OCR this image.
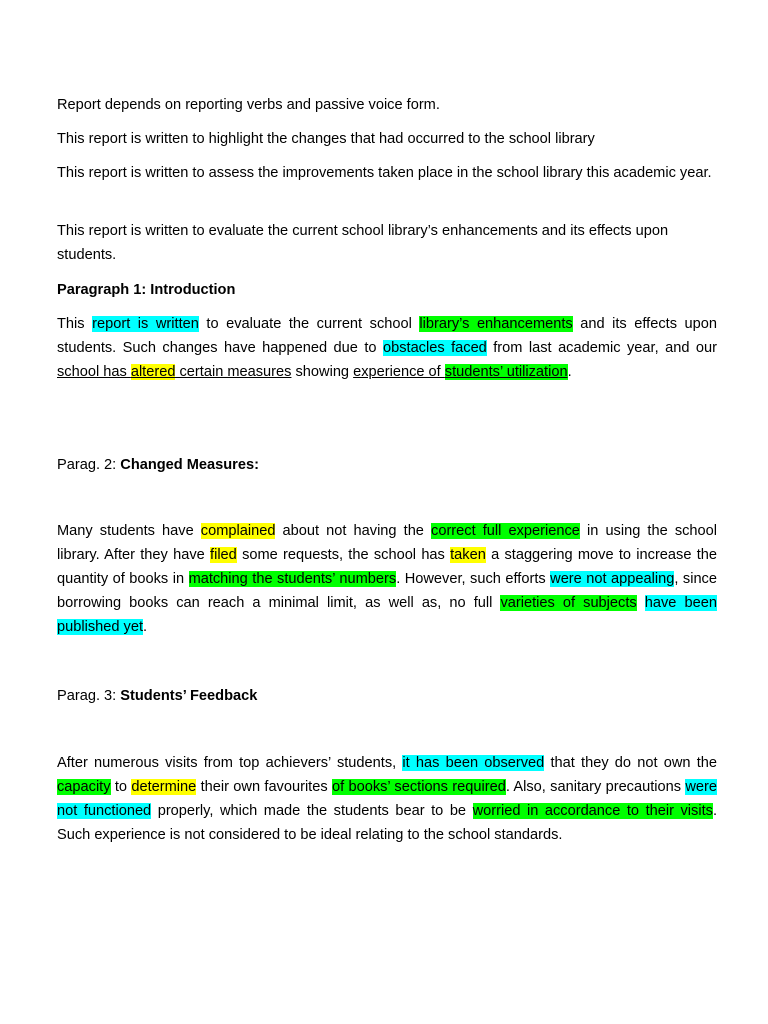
Report depends on reporting verbs and passive voice form.

This report is written to highlight the changes that had occurred to the school library

This report is written to assess the improvements taken place in the school library this academic year.

This report is written to evaluate the current school library’s enhancements and its effects upon students.

Paragraph 1: Introduction

This report is written to evaluate the current school library’s enhancements and its effects upon students. Such changes have happened due to obstacles faced from last academic year, and our school has altered certain measures showing experience of students’ utilization.

Parag. 2: Changed Measures:

Many students have complained about not having the correct full experience in using the school library. After they have filed some requests, the school has taken a staggering move to increase the quantity of books in matching the students’ numbers. However, such efforts were not appealing, since borrowing books can reach a minimal limit, as well as, no full varieties of subjects have been published yet.

Parag. 3: Students’ Feedback

After numerous visits from top achievers’ students, it has been observed that they do not own the capacity to determine their own favourites of books’ sections required. Also, sanitary precautions were not functioned properly, which made the students bear to be worried in accordance to their visits. Such experience is not considered to be ideal relating to the school standards.
